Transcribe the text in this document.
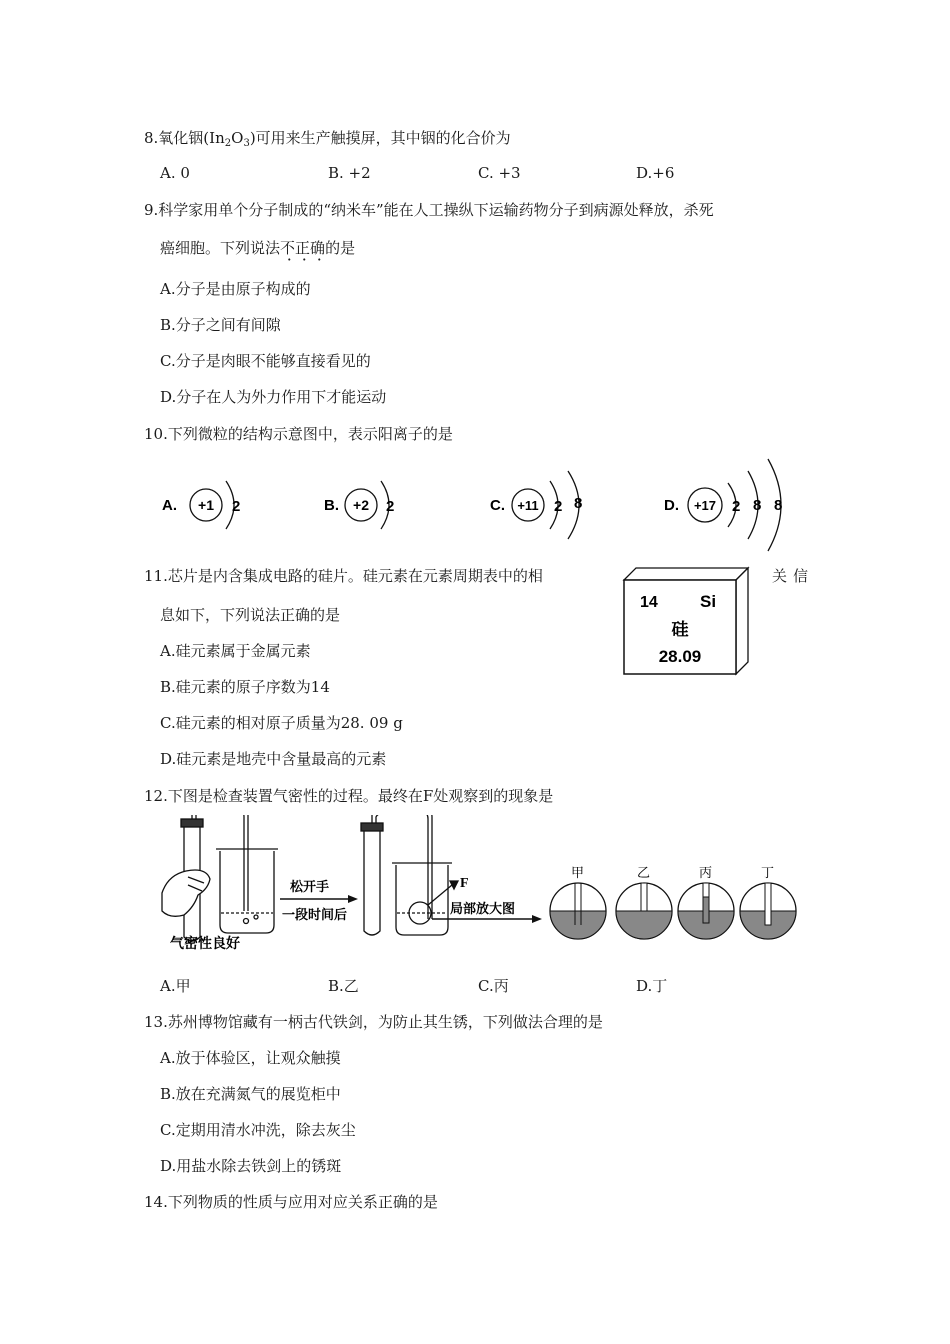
8.氧化铟$(In_2O_3)$可用来生产触摸屏，其中铟的化合价为
A. 0	B. +2	C. +3	D.+6
9.科学家用单个分子制成的“纳米车”能在人工操纵下运输药物分子到病源处释放，杀死
癌细胞。下列说法不正确的是
A.分子是由原子构成的
B.分子之间有间隙
C.分子是肉眼不能够直接看见的
D.分子在人为外力作用下才能运动
10.下列微粒的结构示意图中，表示阳离子的是
A. +1 2	B. +2 2	C. +11 2 8	D. +17 2 8 8
11.芯片是内含集成电路的硅片。硅元素在元素周期表中的相	关信
息如下，下列说法正确的是
14 Si
硅
28.09
A.硅元素属于金属元素
B.硅元素的原子序数为14
C.硅元素的相对原子质量为28. 09 g
D.硅元素是地壳中含量最高的元素
12.下图是检查装置气密性的过程。最终在F处观察到的现象是
气密性良好
松开手
一段时间后
F
局部放大图
甲	乙	丙	丁
A.甲	B.乙	C.丙	D.丁
13.苏州博物馆藏有一柄古代铁剑，为防止其生锈，下列做法合理的是
A.放于体验区，让观众触摸
B.放在充满氮气的展览柜中
C.定期用清水冲洗，除去灰尘
D.用盐水除去铁剑上的锈斑
14.下列物质的性质与应用对应关系正确的是
